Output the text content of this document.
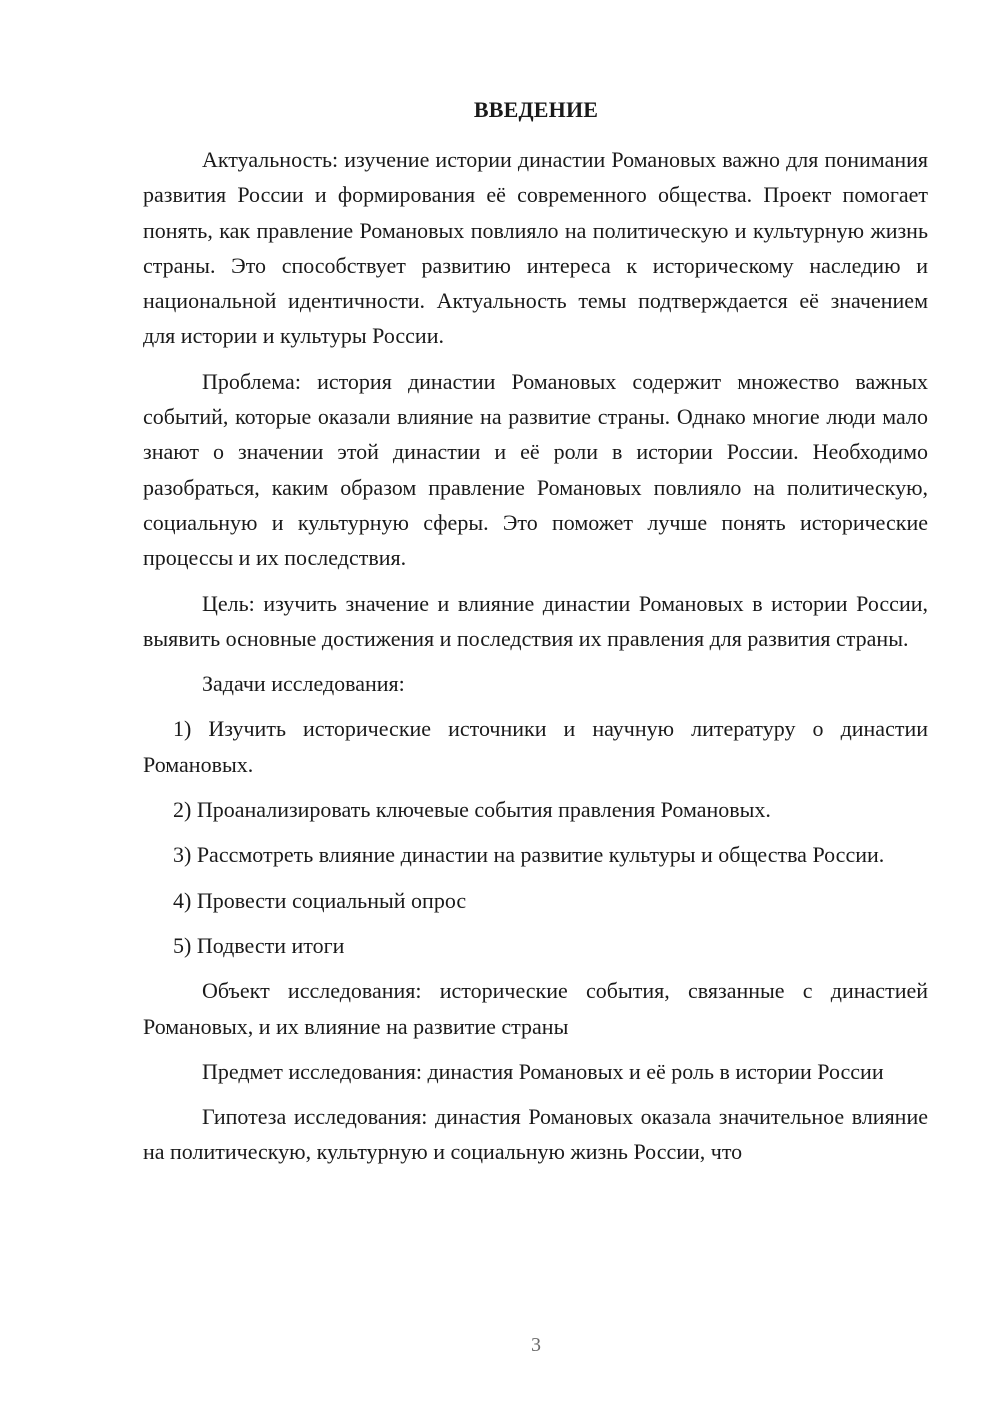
ВВЕДЕНИЕ

Актуальность: изучение истории династии Романовых важно для понимания развития России и формирования её современного общества. Проект помогает понять, как правление Романовых повлияло на политическую и культурную жизнь страны. Это способствует развитию интереса к историческому наследию и национальной идентичности. Актуальность темы подтверждается её значением для истории и культуры России.

Проблема: история династии Романовых содержит множество важных событий, которые оказали влияние на развитие страны. Однако многие люди мало знают о значении этой династии и её роли в истории России. Необходимо разобраться, каким образом правление Романовых повлияло на политическую, социальную и культурную сферы. Это поможет лучше понять исторические процессы и их последствия.

Цель: изучить значение и влияние династии Романовых в истории России, выявить основные достижения и последствия их правления для развития страны.

Задачи исследования:

1) Изучить исторические источники и научную литературу о династии Романовых.

2) Проанализировать ключевые события правления Романовых.

3) Рассмотреть влияние династии на развитие культуры и общества России.

4) Провести социальный опрос

5) Подвести итоги

Объект исследования: исторические события, связанные с династией Романовых, и их влияние на развитие страны

Предмет исследования: династия Романовых и её роль в истории России

Гипотеза исследования: династия Романовых оказала значительное влияние на политическую, культурную и социальную жизнь России, что

3
